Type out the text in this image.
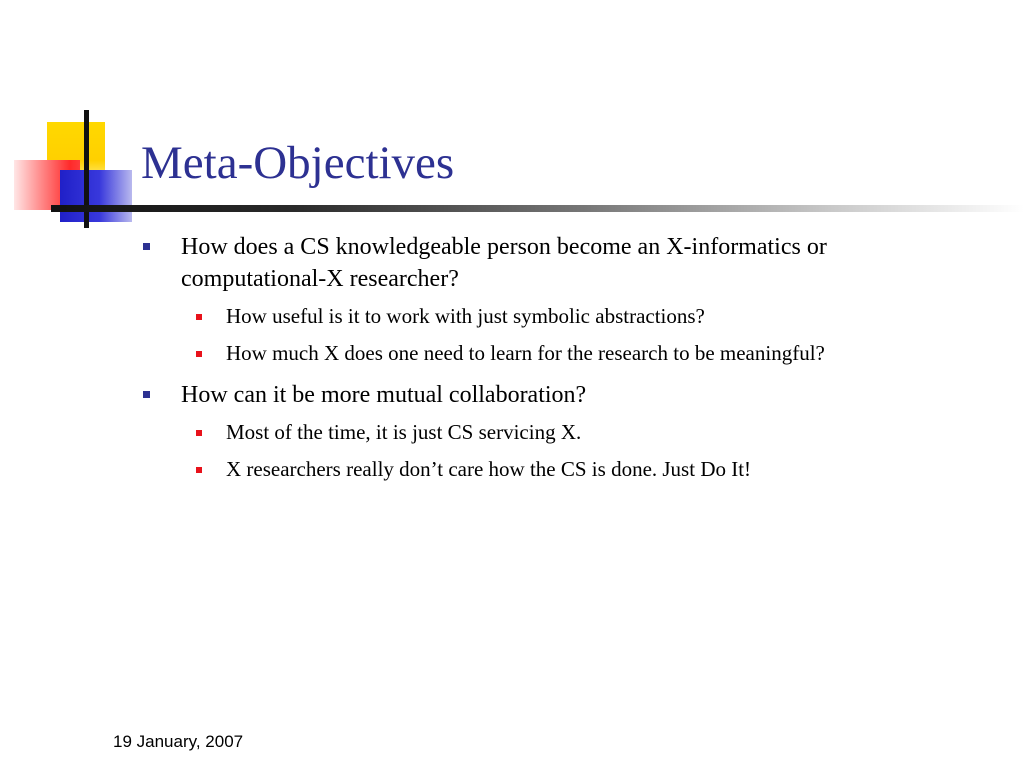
Meta-Objectives
How does a CS knowledgeable person become an X-informatics or computational-X researcher?
How useful is it to work with just symbolic abstractions?
How much X does one need to learn for the research to be meaningful?
How can it be more mutual collaboration?
Most of the time, it is just CS servicing X.
X researchers really don’t care how the CS is done. Just Do It!
19 January, 2007
